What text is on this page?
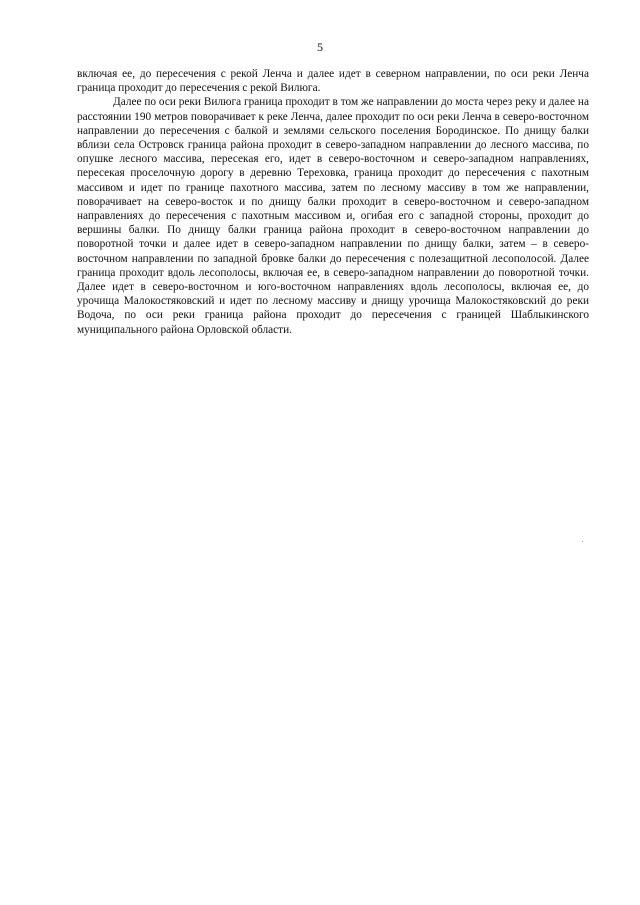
5

включая ее, до пересечения с рекой Ленча и далее идет в северном направлении, по оси реки Ленча граница проходит до пересечения с рекой Вилюга.

Далее по оси реки Вилюга граница проходит в том же направлении до моста через реку и далее на расстоянии 190 метров поворачивает к реке Ленча, далее проходит по оси реки Ленча в северо-восточном направлении до пересечения с балкой и землями сельского поселения Бородинское. По днищу балки вблизи села Островск граница района проходит в северо-западном направлении до лесного массива, по опушке лесного массива, пересекая его, идет в северо-восточном и северо-западном направлениях, пересекая проселочную дорогу в деревню Тереховка, граница проходит до пересечения с пахотным массивом и идет по границе пахотного массива, затем по лесному массиву в том же направлении, поворачивает на северо-восток и по днищу балки проходит в северо-восточном и северо-западном направлениях до пересечения с пахотным массивом и, огибая его с западной стороны, проходит до вершины балки. По днищу балки граница района проходит в северо-восточном направлении до поворотной точки и далее идет в северо-западном направлении по днищу балки, затем – в северо-восточном направлении по западной бровке балки до пересечения с полезащитной лесополосой. Далее граница проходит вдоль лесополосы, включая ее, в северо-западном направлении до поворотной точки. Далее идет в северо-восточном и юго-восточном направлениях вдоль лесополосы, включая ее, до урочища Малокостяковский и идет по лесному массиву и днищу урочища Малокостяковский до реки Водоча, по оси реки граница района проходит до пересечения с границей Шаблыкинского муниципального района Орловской области.
